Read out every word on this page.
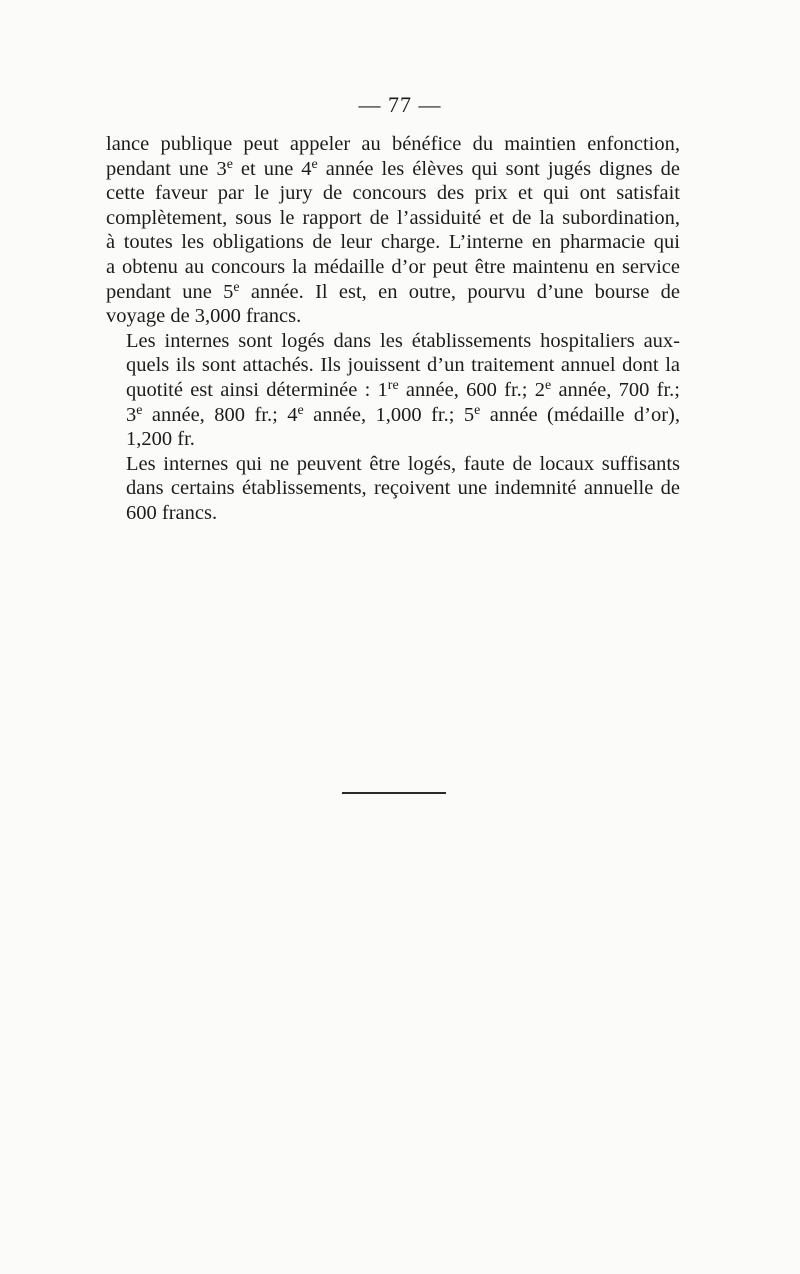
— 77 —

lance publique peut appeler au bénéfice du maintien enfonction,
pendant une 3e et une 4e année les élèves qui sont jugés dignes de
cette faveur par le jury de concours des prix et qui ont satisfait
complètement, sous le rapport de l’assiduité et de la subordination,
à toutes les obligations de leur charge. L’interne en pharmacie qui
a obtenu au concours la médaille d’or peut être maintenu en service
pendant une 5e année. Il est, en outre, pourvu d’une bourse de
voyage de 3,000 francs.

Les internes sont logés dans les établissements hospitaliers aux-
quels ils sont attachés. Ils jouissent d’un traitement annuel dont la
quotité est ainsi déterminée : 1re année, 600 fr.; 2e année, 700 fr.;
3e année, 800 fr.; 4e année, 1,000 fr.; 5e année (médaille d’or),
1,200 fr.

Les internes qui ne peuvent être logés, faute de locaux suffisants
dans certains établissements, reçoivent une indemnité annuelle de
600 francs.
